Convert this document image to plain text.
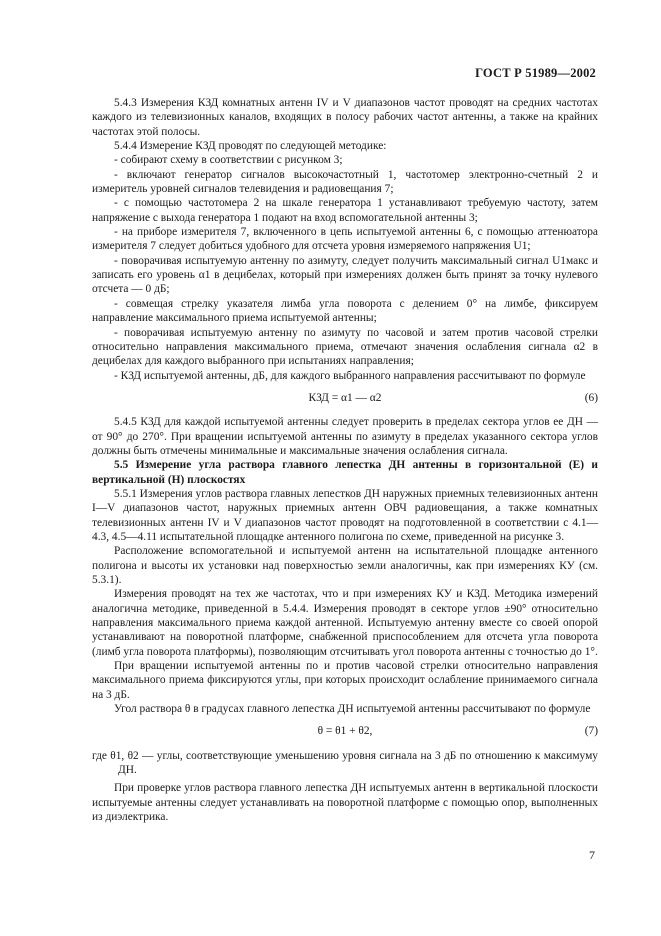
ГОСТ Р 51989—2002

5.4.3 Измерения КЗД комнатных антенн IV и V диапазонов частот проводят на средних частотах каждого из телевизионных каналов, входящих в полосу рабочих частот антенны, а также на крайних частотах этой полосы.

5.4.4 Измерение КЗД проводят по следующей методике:

- собирают схему в соответствии с рисунком 3;

- включают генератор сигналов высокочастотный 1, частотомер электронно-счетный 2 и измеритель уровней сигналов телевидения и радиовещания 7;

- с помощью частотомера 2 на шкале генератора 1 устанавливают требуемую частоту, затем напряжение с выхода генератора 1 подают на вход вспомогательной антенны 3;

- на приборе измерителя 7, включенного в цепь испытуемой антенны 6, с помощью аттенюатора измерителя 7 следует добиться удобного для отсчета уровня измеряемого напряжения U1;

- поворачивая испытуемую антенну по азимуту, следует получить максимальный сигнал U1макс и записать его уровень α1 в децибелах, который при измерениях должен быть принят за точку нулевого отсчета — 0 дБ;

- совмещая стрелку указателя лимба угла поворота с делением 0° на лимбе, фиксируем направление максимального приема испытуемой антенны;

- поворачивая испытуемую антенну по азимуту по часовой и затем против часовой стрелки относительно направления максимального приема, отмечают значения ослабления сигнала α2 в децибелах для каждого выбранного при испытаниях направления;

- КЗД испытуемой антенны, дБ, для каждого выбранного направления рассчитывают по формуле

КЗД = α1 — α2	(6)

5.4.5 КЗД для каждой испытуемой антенны следует проверить в пределах сектора углов ее ДН — от 90° до 270°. При вращении испытуемой антенны по азимуту в пределах указанного сектора углов должны быть отмечены минимальные и максимальные значения ослабления сигнала.

5.5 Измерение угла раствора главного лепестка ДН антенны в горизонтальной (E) и вертикальной (H) плоскостях

5.5.1 Измерения углов раствора главных лепестков ДН наружных приемных телевизионных антенн I—V диапазонов частот, наружных приемных антенн ОВЧ радиовещания, а также комнатных телевизионных антенн IV и V диапазонов частот проводят на подготовленной в соответствии с 4.1—4.3, 4.5—4.11 испытательной площадке антенного полигона по схеме, приведенной на рисунке 3.

Расположение вспомогательной и испытуемой антенн на испытательной площадке антенного полигона и высоты их установки над поверхностью земли аналогичны, как при измерениях КУ (см. 5.3.1).

Измерения проводят на тех же частотах, что и при измерениях КУ и КЗД. Методика измерений аналогична методике, приведенной в 5.4.4. Измерения проводят в секторе углов ±90° относительно направления максимального приема каждой антенной. Испытуемую антенну вместе со своей опорой устанавливают на поворотной платформе, снабженной приспособлением для отсчета угла поворота (лимб угла поворота платформы), позволяющим отсчитывать угол поворота антенны с точностью до 1°.

При вращении испытуемой антенны по и против часовой стрелки относительно направления максимального приема фиксируются углы, при которых происходит ослабление принимаемого сигнала на 3 дБ.

Угол раствора θ в градусах главного лепестка ДН испытуемой антенны рассчитывают по формуле

θ = θ1 + θ2,	(7)

где θ1, θ2 — углы, соответствующие уменьшению уровня сигнала на 3 дБ по отношению к максимуму ДН.

При проверке углов раствора главного лепестка ДН испытуемых антенн в вертикальной плоскости испытуемые антенны следует устанавливать на поворотной платформе с помощью опор, выполненных из диэлектрика.

7
